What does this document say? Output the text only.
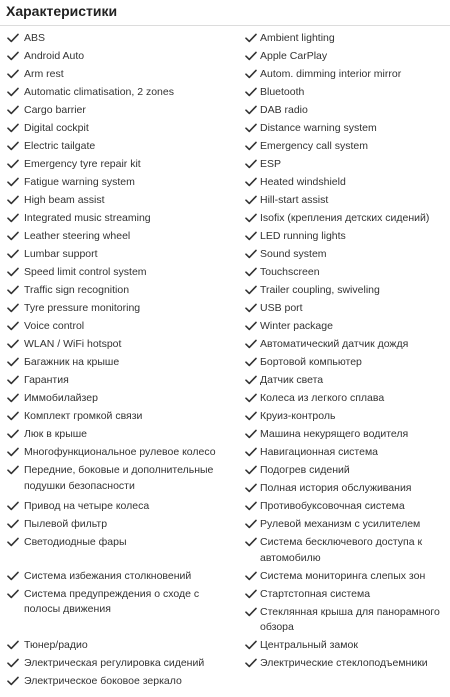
Характеристики
ABS	Ambient lighting
Android Auto	Apple CarPlay
Arm rest	Autom. dimming interior mirror
Automatic climatisation, 2 zones	Bluetooth
Cargo barrier	DAB radio
Digital cockpit	Distance warning system
Electric tailgate	Emergency call system
Emergency tyre repair kit	ESP
Fatigue warning system	Heated windshield
High beam assist	Hill-start assist
Integrated music streaming	Isofix (крепления детских сидений)
Leather steering wheel	LED running lights
Lumbar support	Sound system
Speed limit control system	Touchscreen
Traffic sign recognition	Trailer coupling, swiveling
Tyre pressure monitoring	USB port
Voice control	Winter package
WLAN / WiFi hotspot	Автоматический датчик дождя
Багажник на крыше	Бортовой компьютер
Гарантия	Датчик света
Иммобилайзер	Колеса из легкого сплава
Комплект громкой связи	Круиз-контроль
Люк в крыше	Машина некурящего водителя
Многофункциональное рулевое колесо	Навигационная система
Передние, боковые и дополнительные подушки безопасности
Подогрев сидений
Полная история обслуживания
Привод на четыре колеса	Противобуксовочная система
Пылевой фильтр	Рулевой механизм с усилителем
Светодиодные фары	Система бесключевого доступа к автомобилю
Система избежания столкновений	Система мониторинга слепых зон
Система предупреждения о сходе с полосы движения
Стартстопная система
Стеклянная крыша для панорамного обзора
Тюнер/радио	Центральный замок
Электрическая регулировка сидений	Электрические стеклоподъемники
Электрическое боковое зеркало
